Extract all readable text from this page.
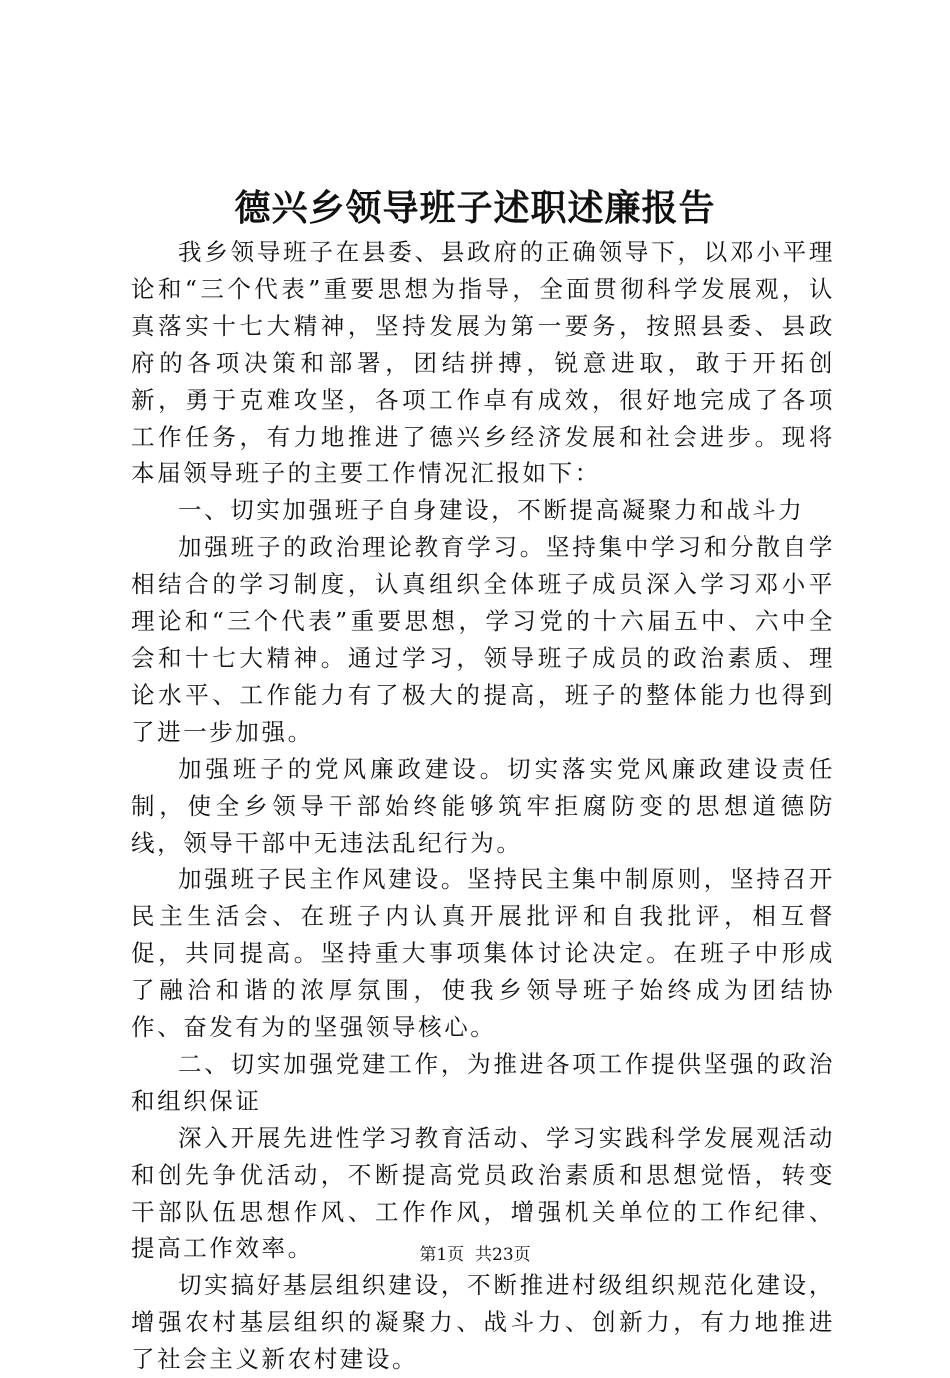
德兴乡领导班子述职述廉报告

我乡领导班子在县委、县政府的正确领导下，以邓小平理论和“三个代表”重要思想为指导，全面贯彻科学发展观，认真落实十七大精神，坚持发展为第一要务，按照县委、县政府的各项决策和部署，团结拼搏，锐意进取，敢于开拓创新，勇于克难攻坚，各项工作卓有成效，很好地完成了各项工作任务，有力地推进了德兴乡经济发展和社会进步。现将本届领导班子的主要工作情况汇报如下：

一、切实加强班子自身建设，不断提高凝聚力和战斗力

加强班子的政治理论教育学习。坚持集中学习和分散自学相结合的学习制度，认真组织全体班子成员深入学习邓小平理论和“三个代表”重要思想，学习党的十六届五中、六中全会和十七大精神。通过学习，领导班子成员的政治素质、理论水平、工作能力有了极大的提高，班子的整体能力也得到了进一步加强。

加强班子的党风廉政建设。切实落实党风廉政建设责任制，使全乡领导干部始终能够筑牢拒腐防变的思想道德防线，领导干部中无违法乱纪行为。

加强班子民主作风建设。坚持民主集中制原则，坚持召开民主生活会、在班子内认真开展批评和自我批评，相互督促，共同提高。坚持重大事项集体讨论决定。在班子中形成了融洽和谐的浓厚氛围，使我乡领导班子始终成为团结协作、奋发有为的坚强领导核心。

二、切实加强党建工作，为推进各项工作提供坚强的政治和组织保证

深入开展先进性学习教育活动、学习实践科学发展观活动和创先争优活动，不断提高党员政治素质和思想觉悟，转变干部队伍思想作风、工作作风，增强机关单位的工作纪律、提高工作效率。

切实搞好基层组织建设，不断推进村级组织规范化建设，增强农村基层组织的凝聚力、战斗力、创新力，有力地推进了社会主义新农村建设。

第1页 共23页
